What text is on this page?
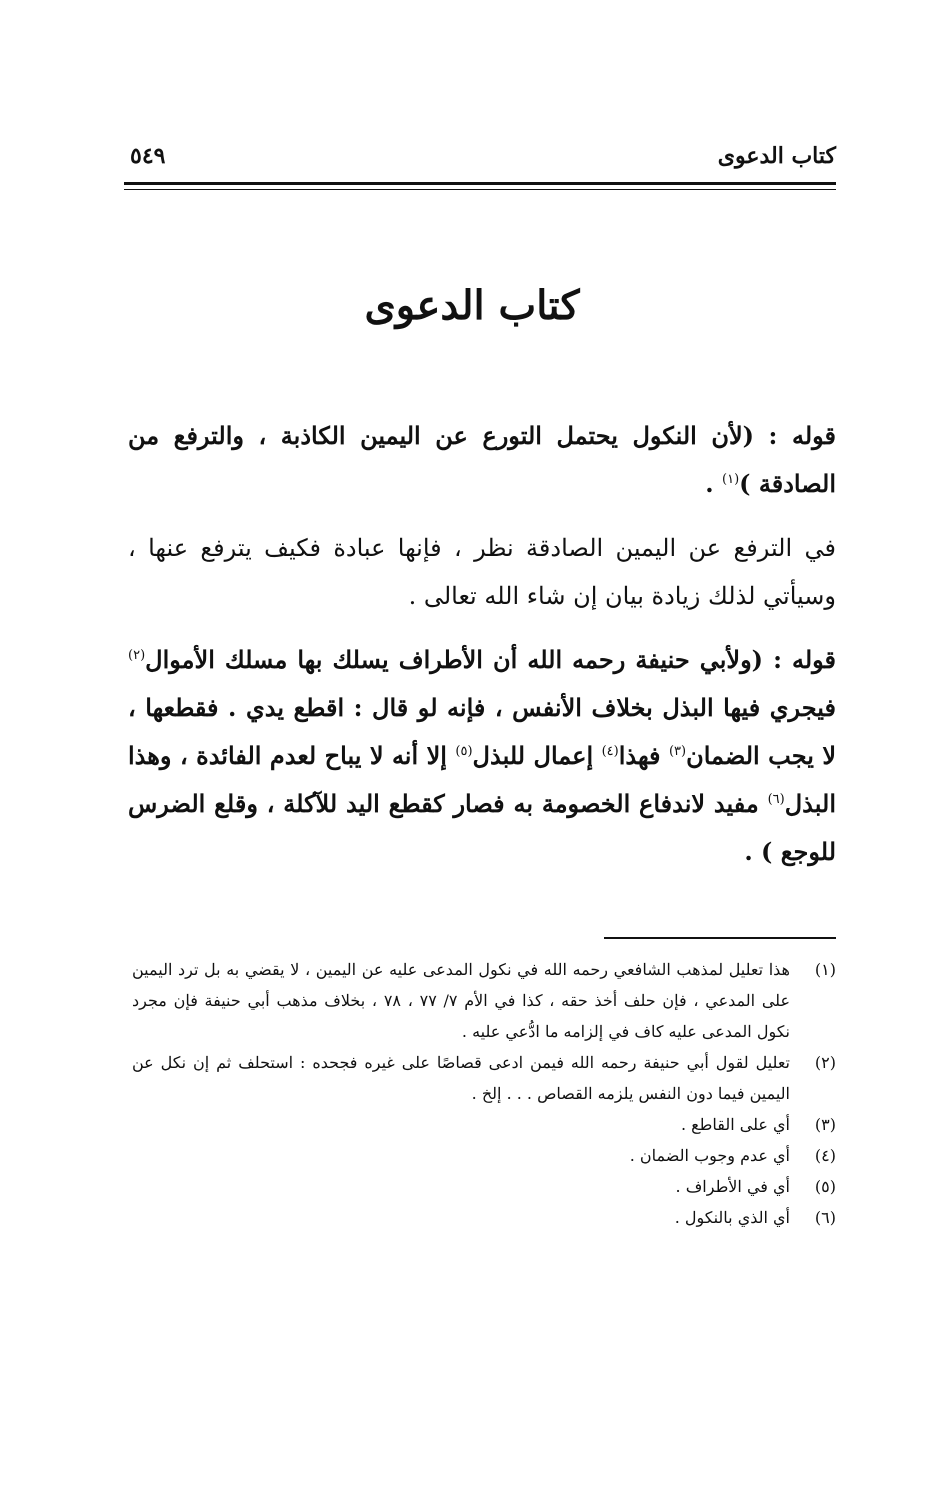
كتاب الدعوى
٥٤٩
كتاب الدعوى

قوله : (لأن النكول يحتمل التورع عن اليمين الكاذبة ، والترفع من الصادقة )$^{(١)}$ .

في الترفع عن اليمين الصادقة نظر ، فإنها عبادة فكيف يترفع عنها ، وسيأتي لذلك زيادة بيان إن شاء الله تعالى .

قوله : (ولأبي حنيفة رحمه الله أن الأطراف يسلك بها مسلك الأموال$^{(٢)}$ فيجري فيها البذل بخلاف الأنفس ، فإنه لو قال : اقطع يدي . فقطعها ، لا يجب الضمان$^{(٣)}$ فهذا$^{(٤)}$ إعمال للبذل$^{(٥)}$ إلا أنه لا يباح لعدم الفائدة ، وهذا البذل$^{(٦)}$ مفيد لاندفاع الخصومة به فصار كقطع اليد للآكلة ، وقلع الضرس للوجع ) .

(١)
هذا تعليل لمذهب الشافعي رحمه الله في نكول المدعى عليه عن اليمين ، لا يقضي به بل ترد اليمين على المدعي ، فإن حلف أخذ حقه ، كذا في الأم ٧/ ٧٧ ، ٧٨ ، بخلاف مذهب أبي حنيفة فإن مجرد نكول المدعى عليه كاف في إلزامه ما ادُّعي عليه .
(٢)
تعليل لقول أبي حنيفة رحمه الله فيمن ادعى قصاصًا على غيره فجحده : استحلف ثم إن نكل عن اليمين فيما دون النفس يلزمه القصاص . . . إلخ .
(٣)
أي على القاطع .
(٤)
أي عدم وجوب الضمان .
(٥)
أي في الأطراف .
(٦)
أي الذي بالنكول .
